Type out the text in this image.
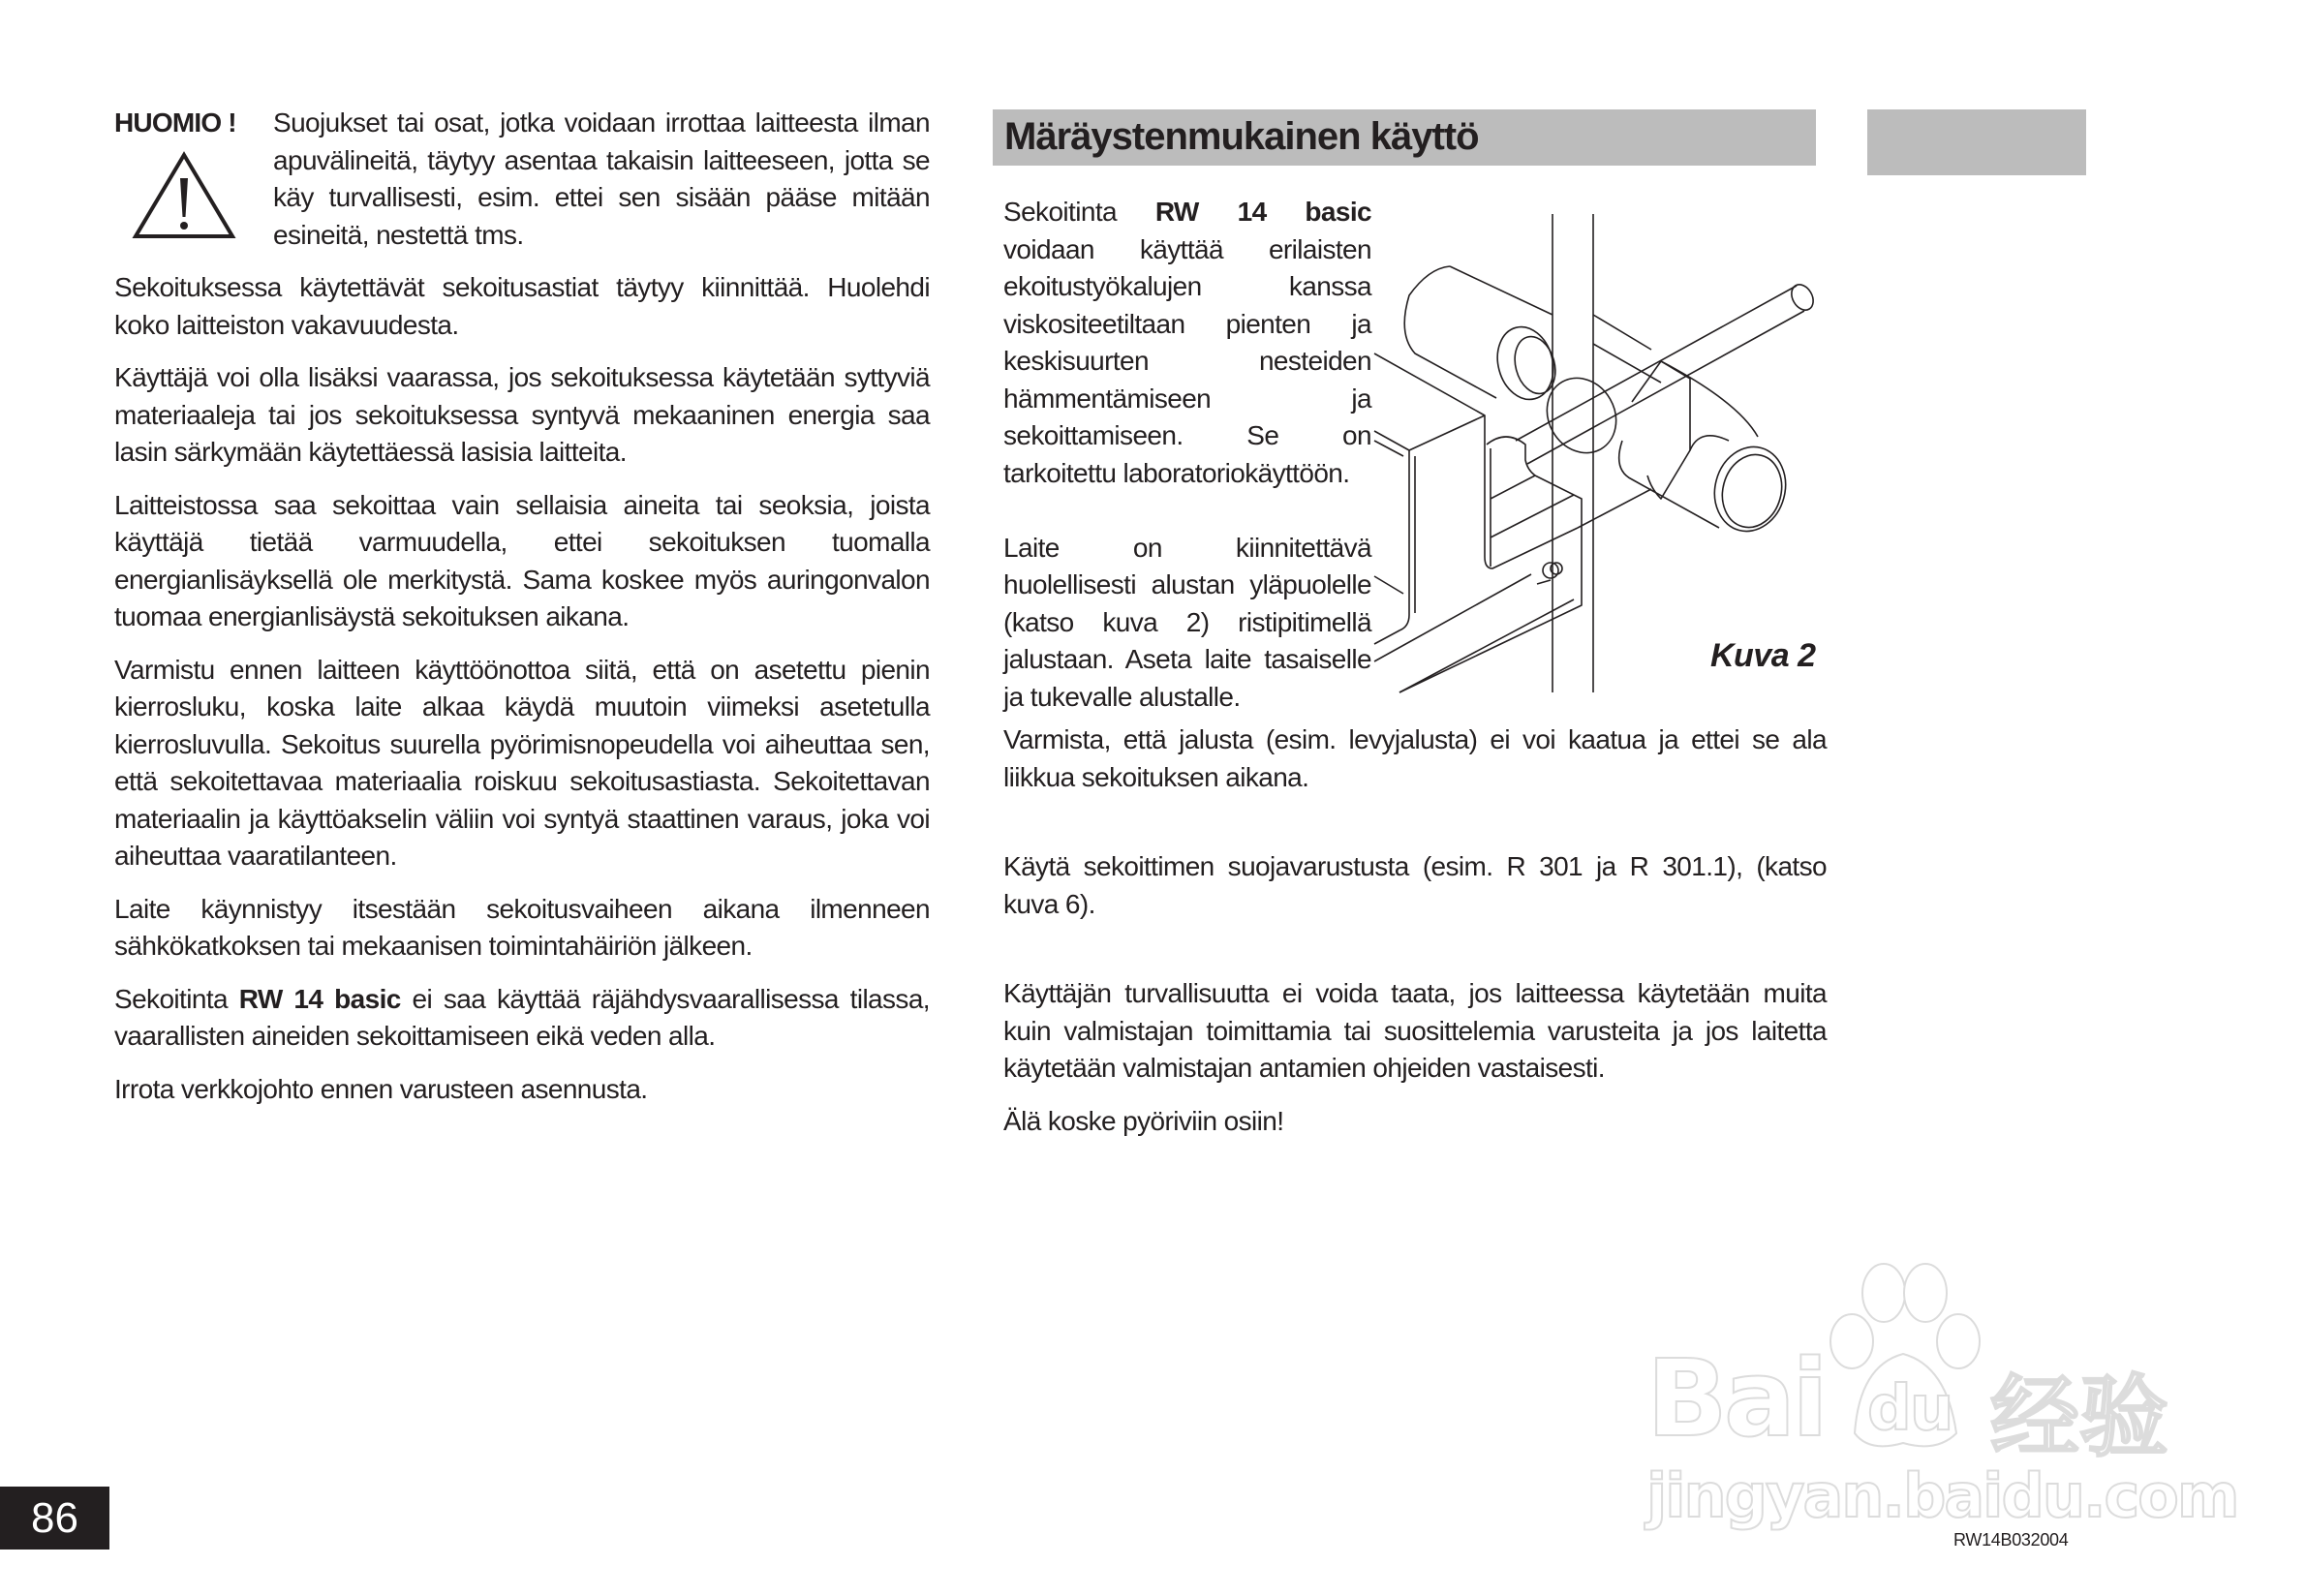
Märäystenmukainen käyttö
HUOMIO ! Suojukset tai osat, jotka voidaan irrottaa laitteesta ilman apuvälineitä, täytyy asentaa takaisin laitteeseen, jotta se käy turvallisesti, esim. ettei sen sisään pääse mitään esineitä, nestettä tms.

Sekoituksessa käytettävät sekoitusastiat täytyy kiinnittää. Huolehdi koko laitteiston vakavuudesta.

Käyttäjä voi olla lisäksi vaarassa, jos sekoituksessa käytetään syttyviä materiaaleja tai jos sekoituksessa syntyvä mekaaninen energia saa lasin särkymään käytettäessä lasisia laitteita.

Laitteistossa saa sekoittaa vain sellaisia aineita tai seoksia, joista käyttäjä tietää varmuudella, ettei sekoituksen tuomalla energianlisäyksellä ole merkitystä. Sama koskee myös auringonvalon tuomaa energianlisäystä sekoituksen aikana.

Varmistu ennen laitteen käyttöönottoa siitä, että on asetettu pienin kierrosluku, koska laite alkaa käydä muutoin viimeksi asetetulla kierrosluvulla. Sekoitus suurella pyörimisnopeudella voi aiheuttaa sen, että sekoitettavaa materiaalia roiskuu sekoitusastiasta. Sekoitettavan materiaalin ja käyttöakselin väliin voi syntyä staattinen varaus, joka voi aiheuttaa vaaratilanteen.

Laite käynnistyy itsestään sekoitusvaiheen aikana ilmenneen sähkökatkoksen tai mekaanisen toimintahäiriön jälkeen.

Sekoitinta RW 14 basic ei saa käyttää räjähdysvaarallisessa tilassa, vaarallisten aineiden sekoittamiseen eikä veden alla.

Irrota verkkojohto ennen varusteen asennusta.

Sekoitinta RW 14 basic voidaan käyttää erilaisten ekoitustyökalujen kanssa viskositeetiltaan pienten ja keskisuurten nesteiden hämmentämiseen ja sekoittamiseen. Se on tarkoitettu laboratoriokäyttöön.

Laite on kiinnitettävä huolellisesti alustan yläpuolelle (katso kuva 2) ristipitimellä jalustaan. Aseta laite tasaiselle ja tukevalle alustalle.

Kuva 2

Varmista, että jalusta (esim. levyjalusta) ei voi kaatua ja ettei se ala liikkua sekoituksen aikana.

Käytä sekoittimen suojavarustusta (esim. R 301 ja R 301.1), (katso kuva 6).

Käyttäjän turvallisuutta ei voida taata, jos laitteessa käytetään muita kuin valmistajan toimittamia tai suosittelemia varusteita ja jos laitetta käytetään valmistajan antamien ohjeiden vastaisesti.

Älä koske pyöriviin osiin!

Bai du 经验
jingyan.baidu.com
86	RW14B032004
